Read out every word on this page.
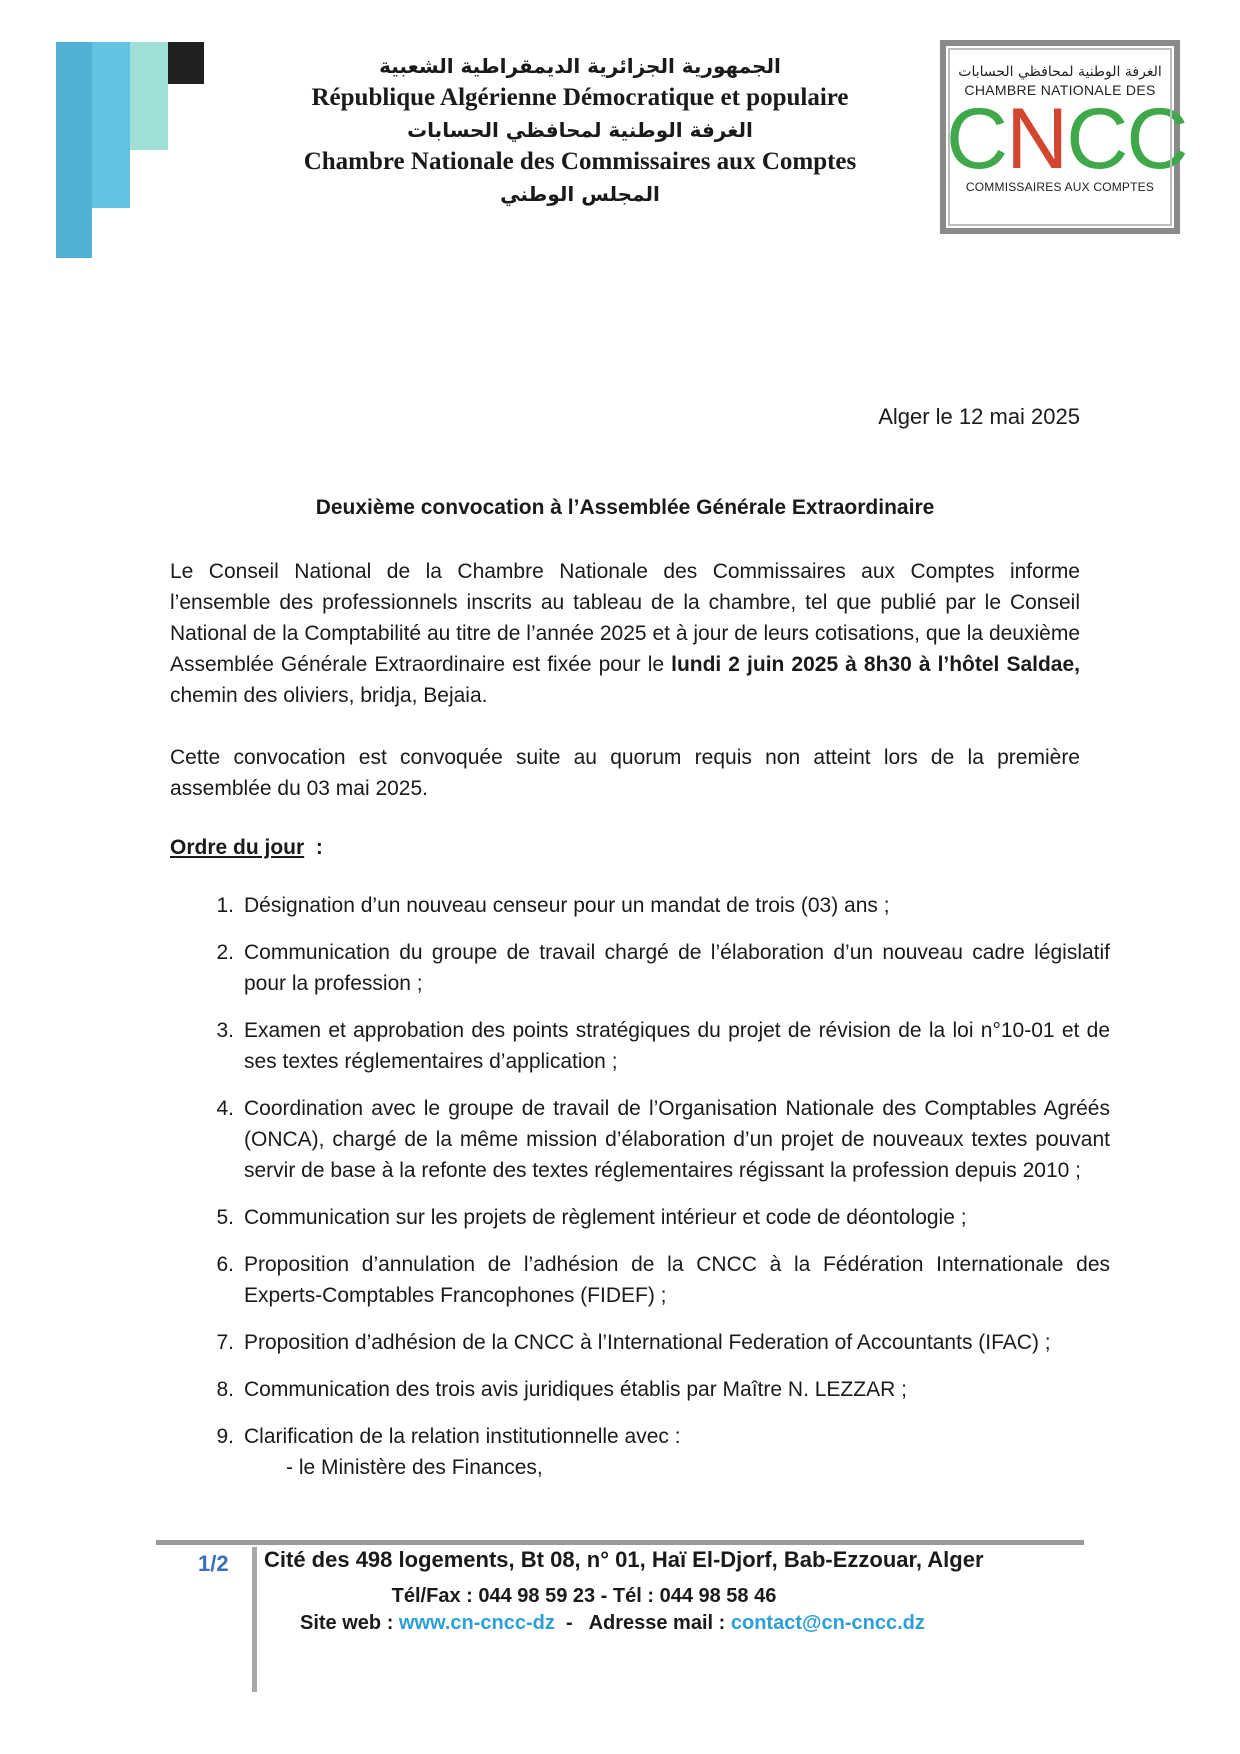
الجمهورية الجزائرية الديمقراطية الشعبية
République Algérienne Démocratique et populaire
الغرفة الوطنية لمحافظي الحسابات
Chambre Nationale des Commissaires aux Comptes
المجلس الوطني
الغرفة الوطنية لمحافظي الحسابات
CHAMBRE NATIONALE DES
CNCC
COMMISSAIRES AUX COMPTES
Alger le 12 mai 2025
Deuxième convocation à l’Assemblée Générale Extraordinaire
Le Conseil National de la Chambre Nationale des Commissaires aux Comptes informe l’ensemble des professionnels inscrits au tableau de la chambre, tel que publié par le Conseil National de la Comptabilité au titre de l’année 2025 et à jour de leurs cotisations, que la deuxième Assemblée Générale Extraordinaire est fixée pour le lundi 2 juin 2025 à 8h30 à l’hôtel Saldae, chemin des oliviers, bridja, Bejaia.
Cette convocation est convoquée suite au quorum requis non atteint lors de la première assemblée du 03 mai 2025.
Ordre du jour  :
1. Désignation d’un nouveau censeur pour un mandat de trois (03) ans ;
2. Communication du groupe de travail chargé de l’élaboration d’un nouveau cadre législatif pour la profession ;
3. Examen et approbation des points stratégiques du projet de révision de la loi n°10-01 et de ses textes réglementaires d’application ;
4. Coordination avec le groupe de travail de l’Organisation Nationale des Comptables Agréés (ONCA), chargé de la même mission d’élaboration d’un projet de nouveaux textes pouvant servir de base à la refonte des textes réglementaires régissant la profession depuis 2010 ;
5. Communication sur les projets de règlement intérieur et code de déontologie ;
6. Proposition d’annulation de l’adhésion de la CNCC à la Fédération Internationale des Experts-Comptables Francophones (FIDEF) ;
7. Proposition d’adhésion de la CNCC à l’International Federation of Accountants (IFAC) ;
8. Communication des trois avis juridiques établis par Maître N. LEZZAR ;
9. Clarification de la relation institutionnelle avec :
- le Ministère des Finances,
1/2 Cité des 498 logements, Bt 08, n° 01, Haï El-Djorf, Bab-Ezzouar, Alger
Tél/Fax : 044 98 59 23 - Tél : 044 98 58 46
Site web : www.cn-cncc-dz  -   Adresse mail : contact@cn-cncc.dz
